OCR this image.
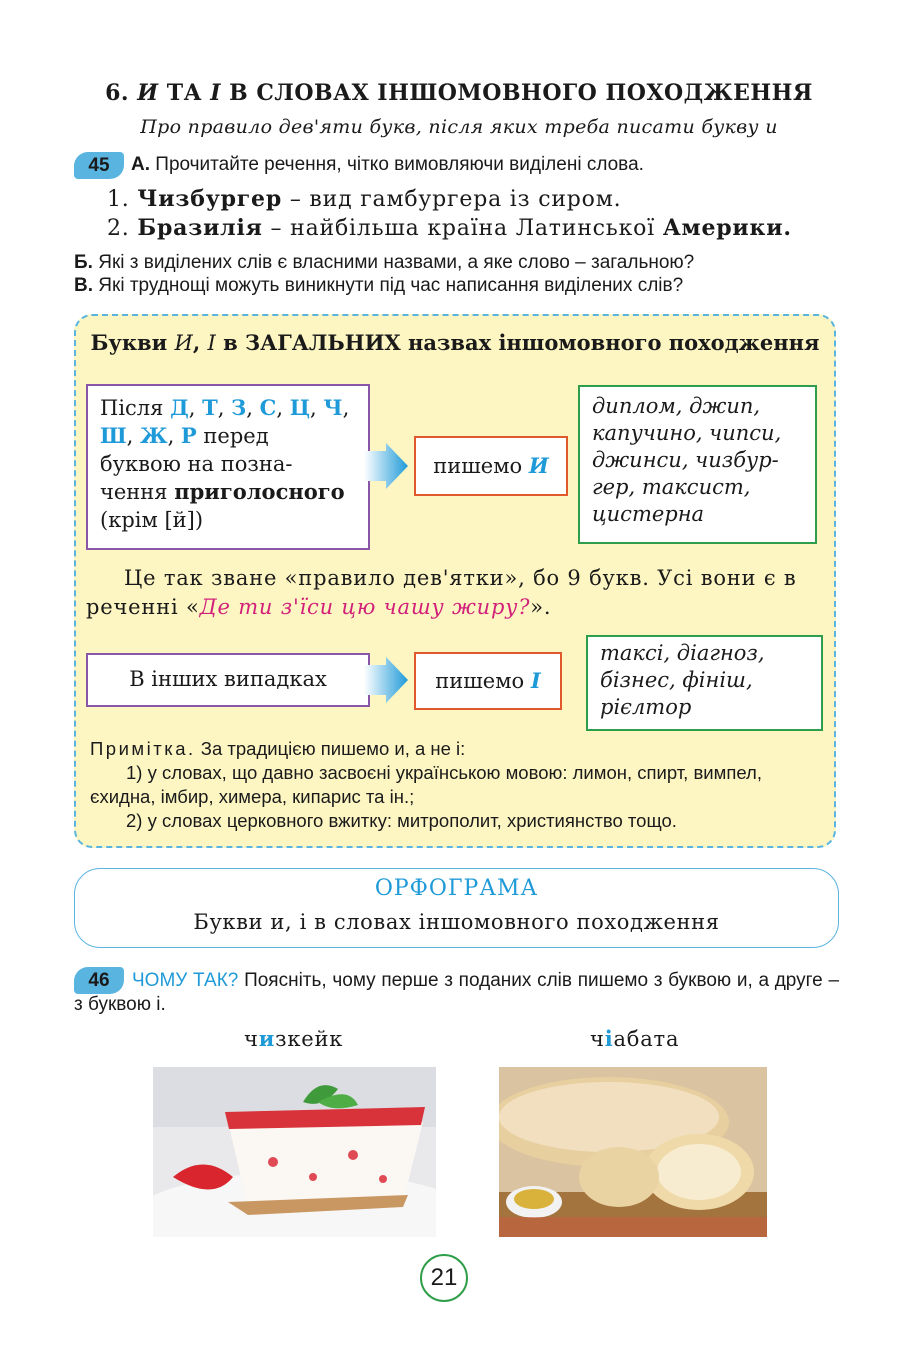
6. И ТА І В СЛОВАХ ІНШОМОВНОГО ПОХОДЖЕННЯ
Про правило дев'яти букв, після яких треба писати букву и
45	А. Прочитайте речення, чітко вимовляючи виділені слова.
1. Чизбургер – вид гамбургера із сиром.
2. Бразилія – найбільша країна Латинської Америки.
Б. Які з виділених слів є власними назвами, а яке слово – загальною?
В. Які труднощі можуть виникнути під час написання виділених слів?
Букви И, І в ЗАГАЛЬНИХ назвах іншомовного походження
Після Д, Т, З, С, Ц, Ч, Ш, Ж, Р перед буквою на позна-чення приголосного (крім [й])
пишемо И
диплом, джип, капучино, чипси, джинси, чизбур-гер, таксист, цистерна
Це так зване «правило дев'ятки», бо 9 букв. Усі вони є в реченні «Де ти з'їси цю чашу жиру?».
В інших випадках	пишемо І
таксі, діагноз, бізнес, фініш, рієлтор
Примітка. За традицією пишемо и, а не і:
1) у словах, що давно засвоєні українською мовою: лимон, спирт, вимпел, єхидна, імбир, химера, кипарис та ін.;
2) у словах церковного вжитку: митрополит, християнство тощо.
ОРФОГРАМА
Букви и, і в словах іншомовного походження
46	ЧОМУ ТАК? Поясніть, чому перше з поданих слів пишемо з буквою и, а друге – з буквою і.
чизкейк	чіабата
21
